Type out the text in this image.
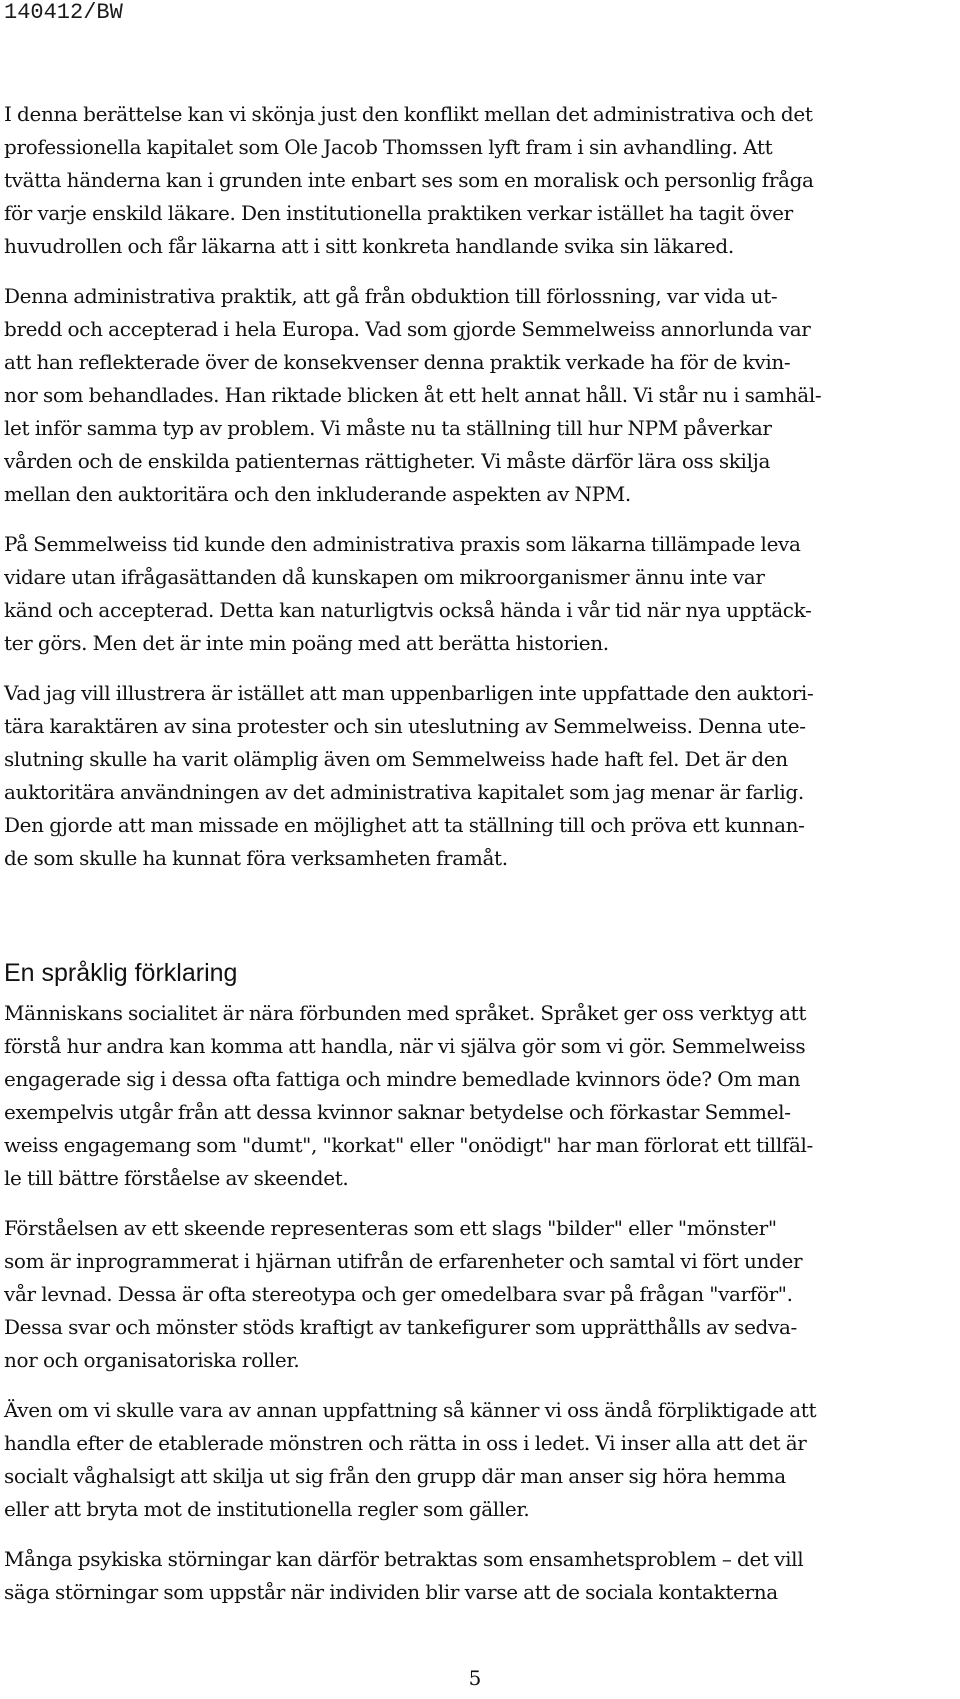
140412/BW

I denna berättelse kan vi skönja just den konflikt mellan det administrativa och det
professionella kapitalet som Ole Jacob Thomssen lyft fram i sin avhandling. Att
tvätta händerna kan i grunden inte enbart ses som en moralisk och personlig fråga
för varje enskild läkare. Den institutionella praktiken verkar istället ha tagit över
huvudrollen och får läkarna att i sitt konkreta handlande svika sin läkared.

Denna administrativa praktik, att gå från obduktion till förlossning, var vida ut-
bredd och accepterad i hela Europa. Vad som gjorde Semmelweiss annorlunda var
att han reflekterade över de konsekvenser denna praktik verkade ha för de kvin-
nor som behandlades. Han riktade blicken åt ett helt annat håll. Vi står nu i samhäl-
let inför samma typ av problem. Vi måste nu ta ställning till hur NPM påverkar
vården och de enskilda patienternas rättigheter. Vi måste därför lära oss skilja
mellan den auktoritära och den inkluderande aspekten av NPM.

På Semmelweiss tid kunde den administrativa praxis som läkarna tillämpade leva
vidare utan ifrågasättanden då kunskapen om mikroorganismer ännu inte var
känd och accepterad. Detta kan naturligtvis också hända i vår tid när nya upptäck-
ter görs. Men det är inte min poäng med att berätta historien.

Vad jag vill illustrera är istället att man uppenbarligen inte uppfattade den auktori-
tära karaktären av sina protester och sin uteslutning av Semmelweiss. Denna ute-
slutning skulle ha varit olämplig även om Semmelweiss hade haft fel. Det är den
auktoritära användningen av det administrativa kapitalet som jag menar är farlig.
Den gjorde att man missade en möjlighet att ta ställning till och pröva ett kunnan-
de som skulle ha kunnat föra verksamheten framåt.

En språklig förklaring

Människans socialitet är nära förbunden med språket. Språket ger oss verktyg att
förstå hur andra kan komma att handla, när vi själva gör som vi gör. Semmelweiss
engagerade sig i dessa ofta fattiga och mindre bemedlade kvinnors öde? Om man
exempelvis utgår från att dessa kvinnor saknar betydelse och förkastar Semmel-
weiss engagemang som "dumt", "korkat" eller "onödigt" har man förlorat ett tillfäl-
le till bättre förståelse av skeendet.

Förståelsen av ett skeende representeras som ett slags "bilder" eller "mönster"
som är inprogrammerat i hjärnan utifrån de erfarenheter och samtal vi fört under
vår levnad. Dessa är ofta stereotypa och ger omedelbara svar på frågan "varför".
Dessa svar och mönster stöds kraftigt av tankefigurer som upprätthålls av sedva-
nor och organisatoriska roller.

Även om vi skulle vara av annan uppfattning så känner vi oss ändå förpliktigade att
handla efter de etablerade mönstren och rätta in oss i ledet. Vi inser alla att det är
socialt våghalsigt att skilja ut sig från den grupp där man anser sig höra hemma
eller att bryta mot de institutionella regler som gäller.

Många psykiska störningar kan därför betraktas som ensamhetsproblem – det vill
säga störningar som uppstår när individen blir varse att de sociala kontakterna

5
